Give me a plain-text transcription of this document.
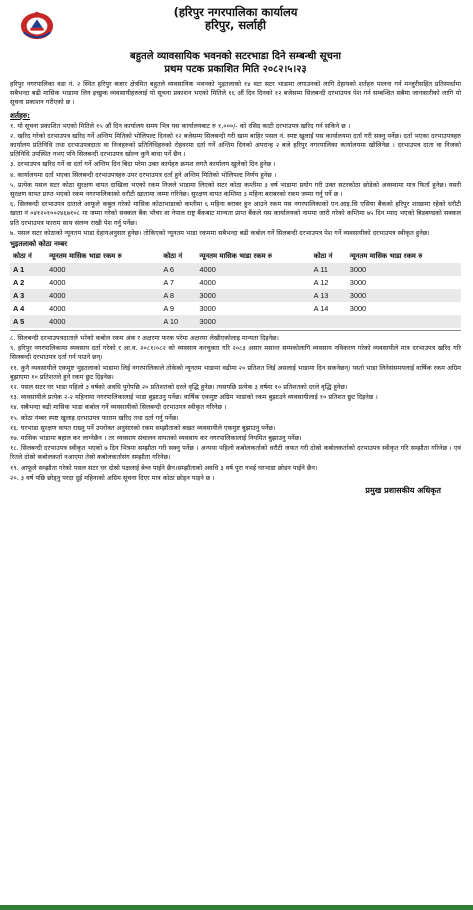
(हरिपुर नगरपालिका कार्यालय
हरिपुर, सर्लाही
बहुतले व्यावसायिक भवनको सटरभाडा दिने सम्बन्धी सूचना
प्रथम पटक प्रकाशित मिति २०८२।५।२३

हरिपुर नगरपालिका वडा नं. २ स्थित हरिपुर बजार क्षेत्रमित बहुतले व्यवसायिक भवनको भुइतलाको १४ वटा सटर भाडामा लगाउनको लागि देहायको शर्तहरु पालना गर्न मन्जुरीसहित प्रतिस्पर्धामा सबैभन्दा बढी मासिक भाडामा लिन इच्छुक व्यवसायीहरुलाई यो सूचना प्रकाशन भएको मितिले १६ औं दिन दिनको १२ बजेसम्म सिलबन्दी दरभाउपत्र पेश गर्न सम्बन्धित सबैमा जानकारीको लागि यो सूचना प्रकाशन गरीएको छ ।

शर्तहरु:

१. यो सूचना प्रकाशित भएको मितिले १५ औं दिन कार्यालय समय भित्र यस कार्यालयबाट रु १,०००/- को रसिद काटी दरभाउपत्र खरिद गर्न सकिने छ ।

२. खरिद गरेको दरभाउपत्र खरिद गर्ने अन्तिम मितिको भोलिपल्ट दिनको १२ बजेसम्म सिलबन्दी गरी खाम बाहिर पसल नं. स्पष्ट खुलाई यस कार्यालयमा दर्ता गरी सक्नु पर्नेछ। दर्ता भएका दरभाउपत्रहरु कार्यालय प्रतिनिधि तथा दरभाउपत्रदाता वा निजहरुको प्रतिनिधिहरुको रोहवरमा दर्ता गर्ने अन्तिम दिनको अपरान्ह २ बजे हरिपुर नगरपालिका कार्यालयमा खोलिनेछ । दरभाउपत्र दाता वा निजको प्रतिनिधि उपस्थित नभए पनि सिलबन्दी दरभाउपत्र खोल्न कुनै बाधा पर्ने छैन ।

३. दरभाउपत्र खरिद गर्ने वा दर्ता गर्ने अन्तिम दिन बिदा परेमा उक्त कार्यहरु क्रमश लगतै कार्यालय खुलेको दिन हुनेछ ।

४. कार्यालयमा दर्ता भएका सिलबन्दी दरभाउपत्रहरु उपर दरभाउपत्र दर्ता हुने अन्तिम मितिको भोलिपल्ट निर्णय हुनेछ ।

५. प्रत्येक पसल सटर कोठा सुरक्षण वापत दाखिला भएको रकम निजले भाडामा लिएको सटर कोठा कम्तीमा ३ वर्ष भाडामा प्रयोग गरी उक्त सटरकोठा छोडेको अवस्थामा मात्र फिर्ता हुनेछ। यसरी सुरक्षण वापत प्राप्त भएको रकम नगरपालिकाको धरौटी खातामा जम्मा गरिनेछ। सुरक्षण वापत कम्तिमा ३ महिना बराबरको रकम जम्मा गर्नु पर्ने छ ।

६. सिलबन्दी दरभाउपत्र दाताले आफूले कबुल गरेको मासिक कोठाभाडाको कम्तीमा ६ महिना बराबर हुन आउने रकम यस नगरपालिकाको एन.आइ.सि एसिया बैंकको हरिपुर शाखामा रहेको धरौटी खाता नं ०४१२०१००२४६७१०८ मा जम्मा गरेको सक्कल बैंक भौचर वा नेपाल राष्ट्र बैंकबाट मान्यता प्राप्त बैंकले यस कार्यालयको नाममा जारी गरेको कम्तिमा ७५ दिन म्याद भएको बिडबण्डको सक्कल प्रति दरभाउपत्र फाराम साथ संलग्न राखी पेश गर्नु पर्नेछ।

७. पसल सटर कोठाको न्यूनतम भाडा देहायअनुसार हुनेछ। तोकिएको न्यूनतम भाडा रकममा सबैभन्दा बढी कबोल गर्ने सिलबन्दी दरभाउपत्र पेश गर्ने व्यवसायीको दरभाउपत्र स्वीकृत हुनेछ।

भुइतलाको कोठा नम्बर
कोठा नं	न्यूनतम मासिक भाडा रकम रु	कोठा नं	न्यूनतम मासिक भाडा रकम रु	कोठा नं	न्यूनतम मासिक भाडा रकम रु
A 1	4000	A 6	4000	A 11	3000
A 2	4000	A 7	4000	A 12	3000
A 3	4000	A 8	3000	A 13	3000
A 4	4000	A 9	3000	A 14	3000
A 5	4000	A 10	3000		

८. सिलबन्दी दरभाउपत्रदाताले भरेको कबोल रकम अंक र अक्षरमा फरक परेमा अक्षरमा लेखीएकोलाइ मान्यता दिइनेछ।

९. हरिपुर नगरपालिकामा व्यवसाय दर्ता गरेको र आ.व. २०८१।०८२ को व्यवसाय करचुक्ता गरि २०८३ असार मसान्त सम्मकोलागि व्यवसाय नविकरण गरेको व्यवसायीले मात्र दरभाउपत्र खरिद गरि सिलबन्दी दरभाउपत्र दर्ता गर्न पाउने छन्।

११. कुनै व्यवसायीले एकमुष्ट भुइतलाको भाडामा लिई नगरपालिकाले तोकेको न्यूनतम भाडामा वढीमा २० प्रतिशत लिई असलाई भाडामा दिन सकनेछन्। यस्तो भाडा लिनेसंसमयलाई वार्षिक रकम अग्रिम बुझाएमा १० प्रतिशतले हुने रकम छुट दिइनेछ।

१२. पसल सटर घर भाडा पहिलो ३ वर्षको अवधि पुगेपछि २० प्रतिशतको दरले वृद्धि हुनेछ। त्यसपछि प्रत्येक ३ वर्षमा १० प्रतिशतको दरले वृद्धि हुनेछ।

१३. व्यवसायीले प्रत्येक २-२ महिनामा नगरपालिकालाई भाडा बुझाउनु पर्नेछ। वार्षिक एकमुष्ट अग्रिम भाडाको रकम बुझाउने व्यवसायीलाई १० प्रतिशत छुट दिइनेछ ।

१४. सबैभन्दा बढी मासिक भाडा कबोल गर्ने व्यवसायीको सिलबन्दी दरभाउपत्र स्वीकृत गरिनेछ ।

१५. कोठा नंम्बर स्पष्ट खुलाइ दरभाउपत्र फाराम खरिद तथा दर्ता गर्नु पर्नेछ।

१६. घरभाडा सुरक्षण वापत राख्नु पर्ने उपरोक्त अनुसारको रकम सम्झौताको बखत व्यवसायीले एकमुष्ट बुझाउनु पर्नेछ।

१७. मासिक भाडामा बहाल कर लाग्नेछैन । तर व्यवसाय संचालन वापतको व्यवसाय कर नगरपालिकालाई नियमित बुझाउनु पर्नेछ।

१८. सिलबन्दी दरभाउपत्र स्वीकृत भएको ७ दिन भित्रमा सम्झौता गरी सक्नु पर्नेछ । अन्यथा पहिलो कबोलकर्ताको धरौटी जफत गरी दोस्रो कबोलकर्ताको दरभाउपत्र स्वीकृत गरि सम्झौता गरिनेछ । एवं रितले दोस्रो कबोलकर्ता नआएमा तेस्रो कबोलकर्तासंग सम्झौता गरिनेछ।

१९. आफूले सम्झौता गरेको पसल सटर घर दोस्रो पक्षलाई बेच्न पाईने छैन।सम्झौताको अवधि ३ वर्ष पुरा नभई घरभाडा छोडन पाईने छैन।

२०. ३ वर्ष पछि छोड्नु परदा दुई महिनाको अग्रिम सूचना दिएर मात्र कोठा छोड्न पाइने छ ।

प्रमुख प्रशासकीय अधिकृत
